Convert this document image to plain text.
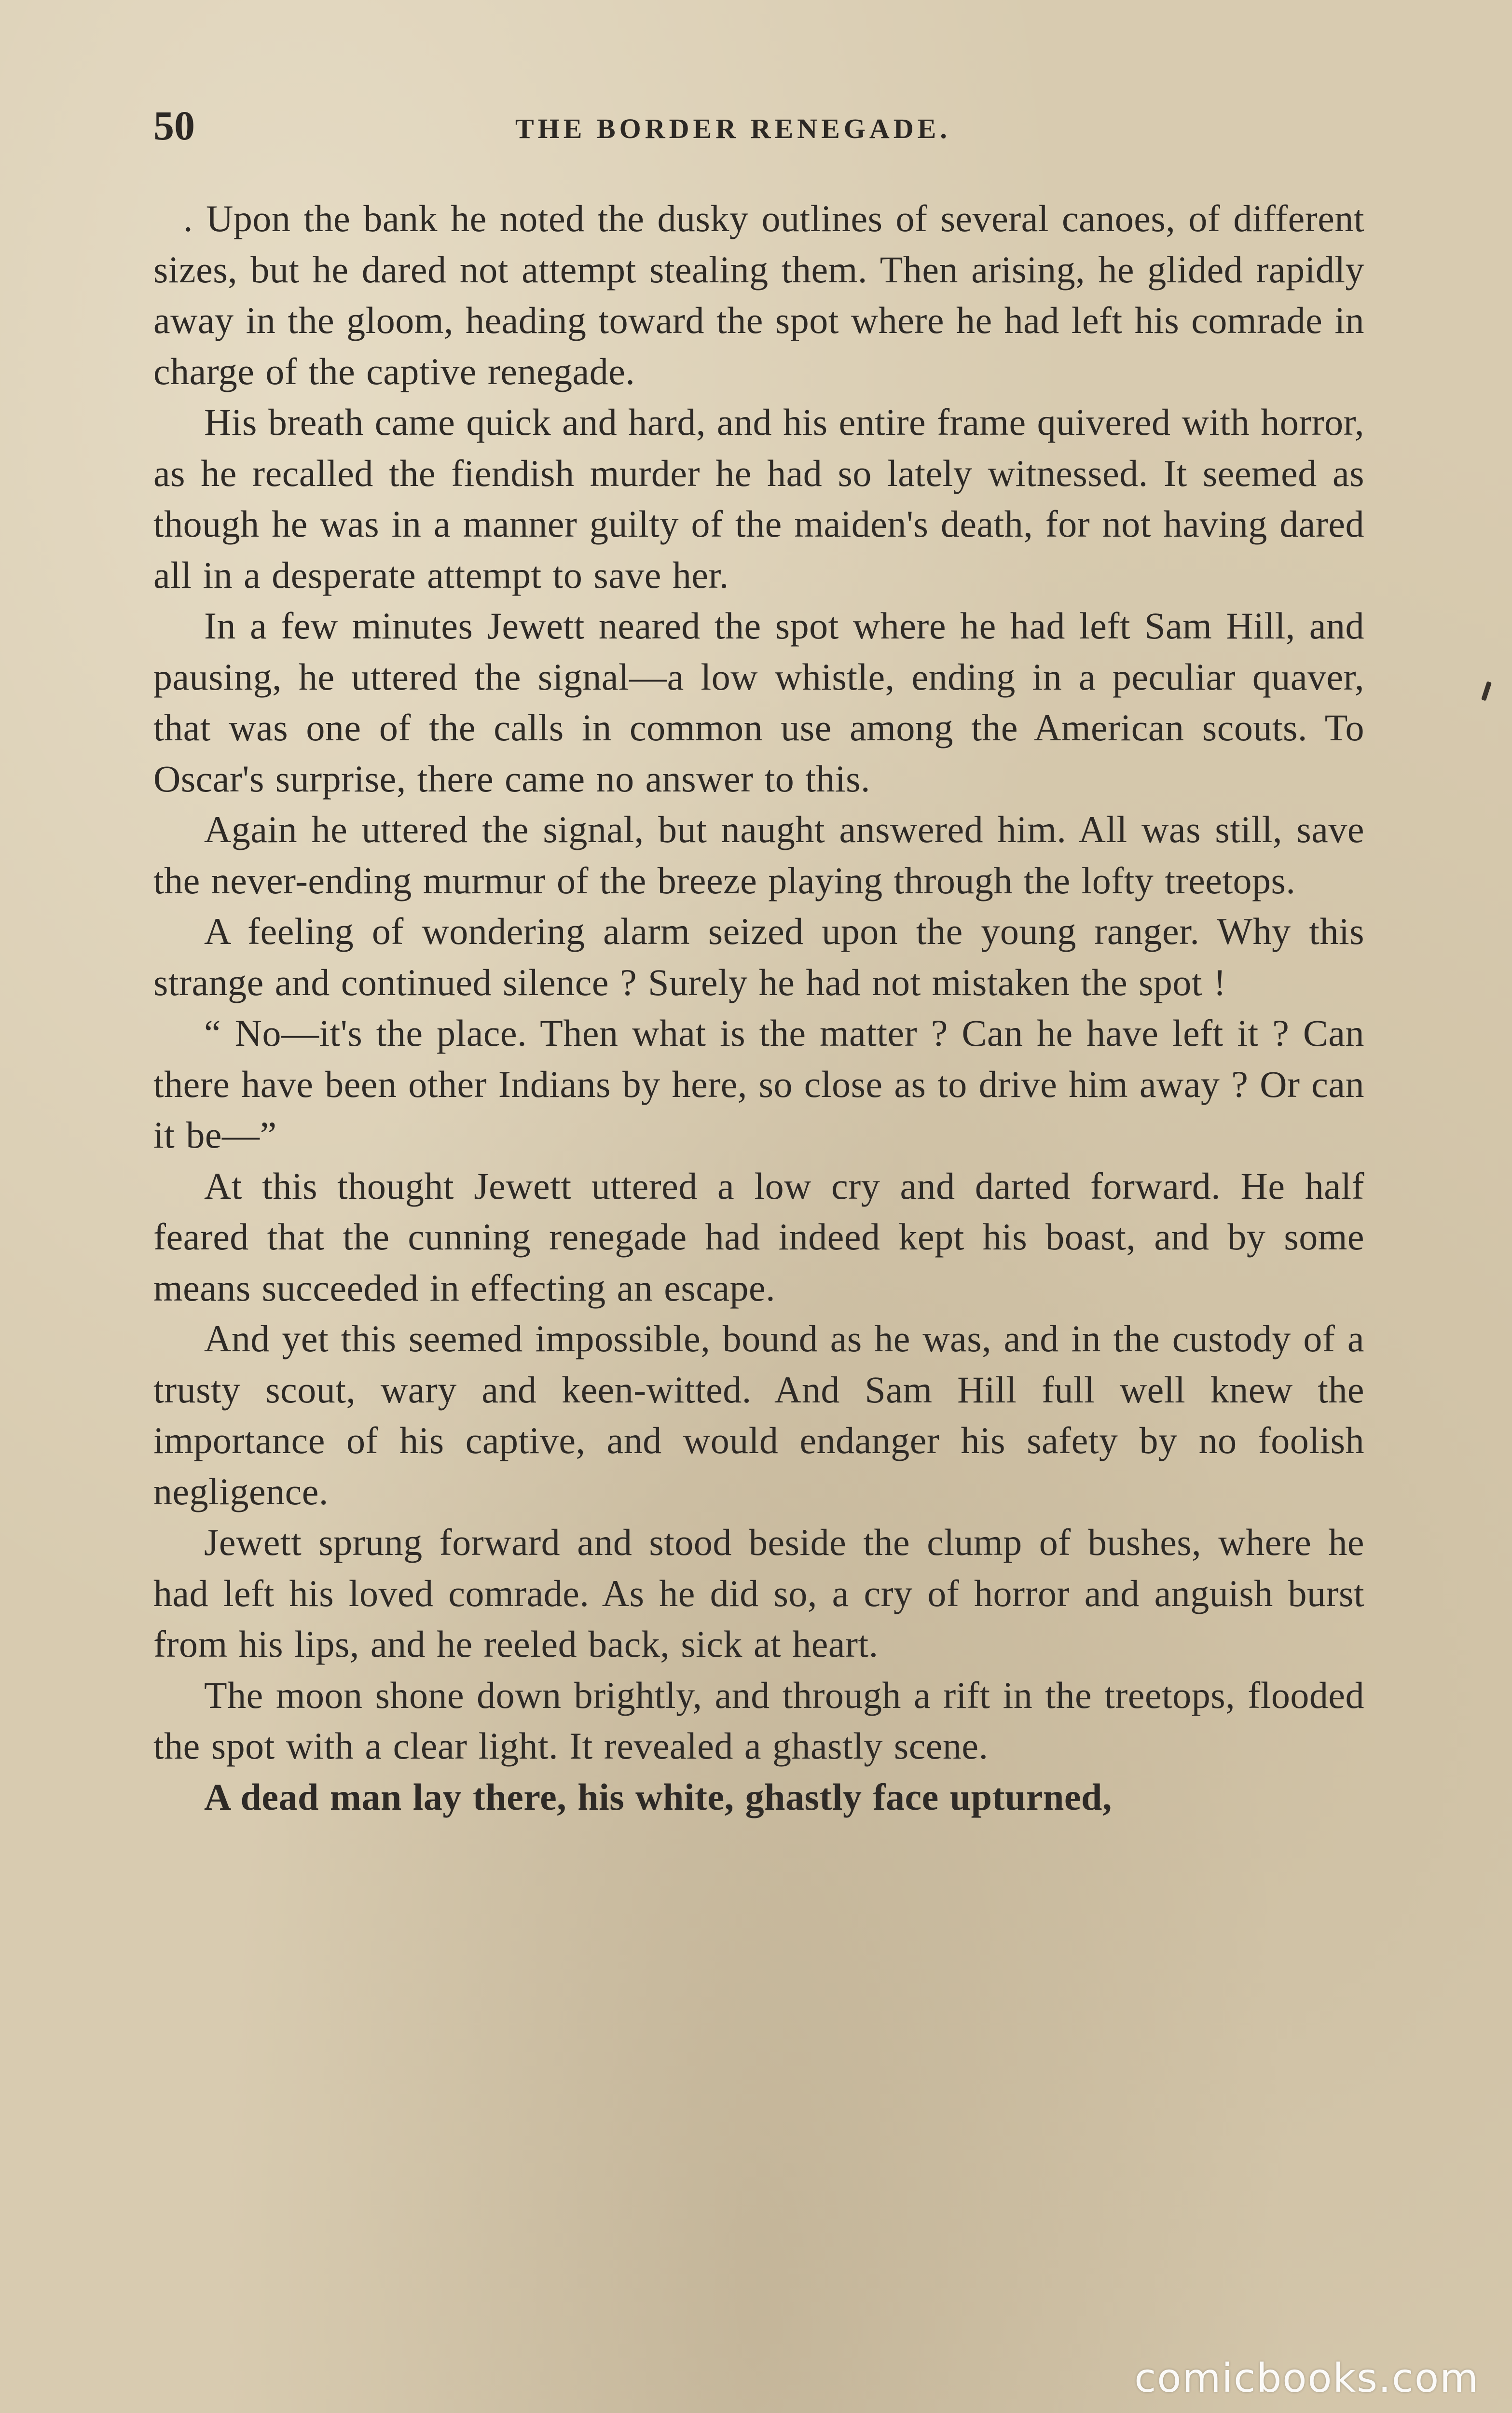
50	THE BORDER RENEGADE.

. Upon the bank he noted the dusky outlines of several canoes, of different sizes, but he dared not attempt stealing them. Then arising, he glided rapidly away in the gloom, heading toward the spot where he had left his comrade in charge of the captive renegade.

His breath came quick and hard, and his entire frame quivered with horror, as he recalled the fiendish murder he had so lately witnessed. It seemed as though he was in a manner guilty of the maiden's death, for not having dared all in a desperate attempt to save her.

In a few minutes Jewett neared the spot where he had left Sam Hill, and pausing, he uttered the signal—a low whistle, ending in a peculiar quaver, that was one of the calls in common use among the American scouts. To Oscar's surprise, there came no answer to this.

Again he uttered the signal, but naught answered him. All was still, save the never-ending murmur of the breeze playing through the lofty treetops.

A feeling of wondering alarm seized upon the young ranger. Why this strange and continued silence ? Surely he had not mistaken the spot !

“ No—it's the place. Then what is the matter ? Can he have left it ? Can there have been other Indians by here, so close as to drive him away ? Or can it be—”

At this thought Jewett uttered a low cry and darted forward. He half feared that the cunning renegade had indeed kept his boast, and by some means succeeded in effecting an escape.

And yet this seemed impossible, bound as he was, and in the custody of a trusty scout, wary and keen-witted. And Sam Hill full well knew the importance of his captive, and would endanger his safety by no foolish negligence.

Jewett sprung forward and stood beside the clump of bushes, where he had left his loved comrade. As he did so, a cry of horror and anguish burst from his lips, and he reeled back, sick at heart.

The moon shone down brightly, and through a rift in the treetops, flooded the spot with a clear light. It revealed a ghastly scene.

A dead man lay there, his white, ghastly face upturned,

comicbooks.com
